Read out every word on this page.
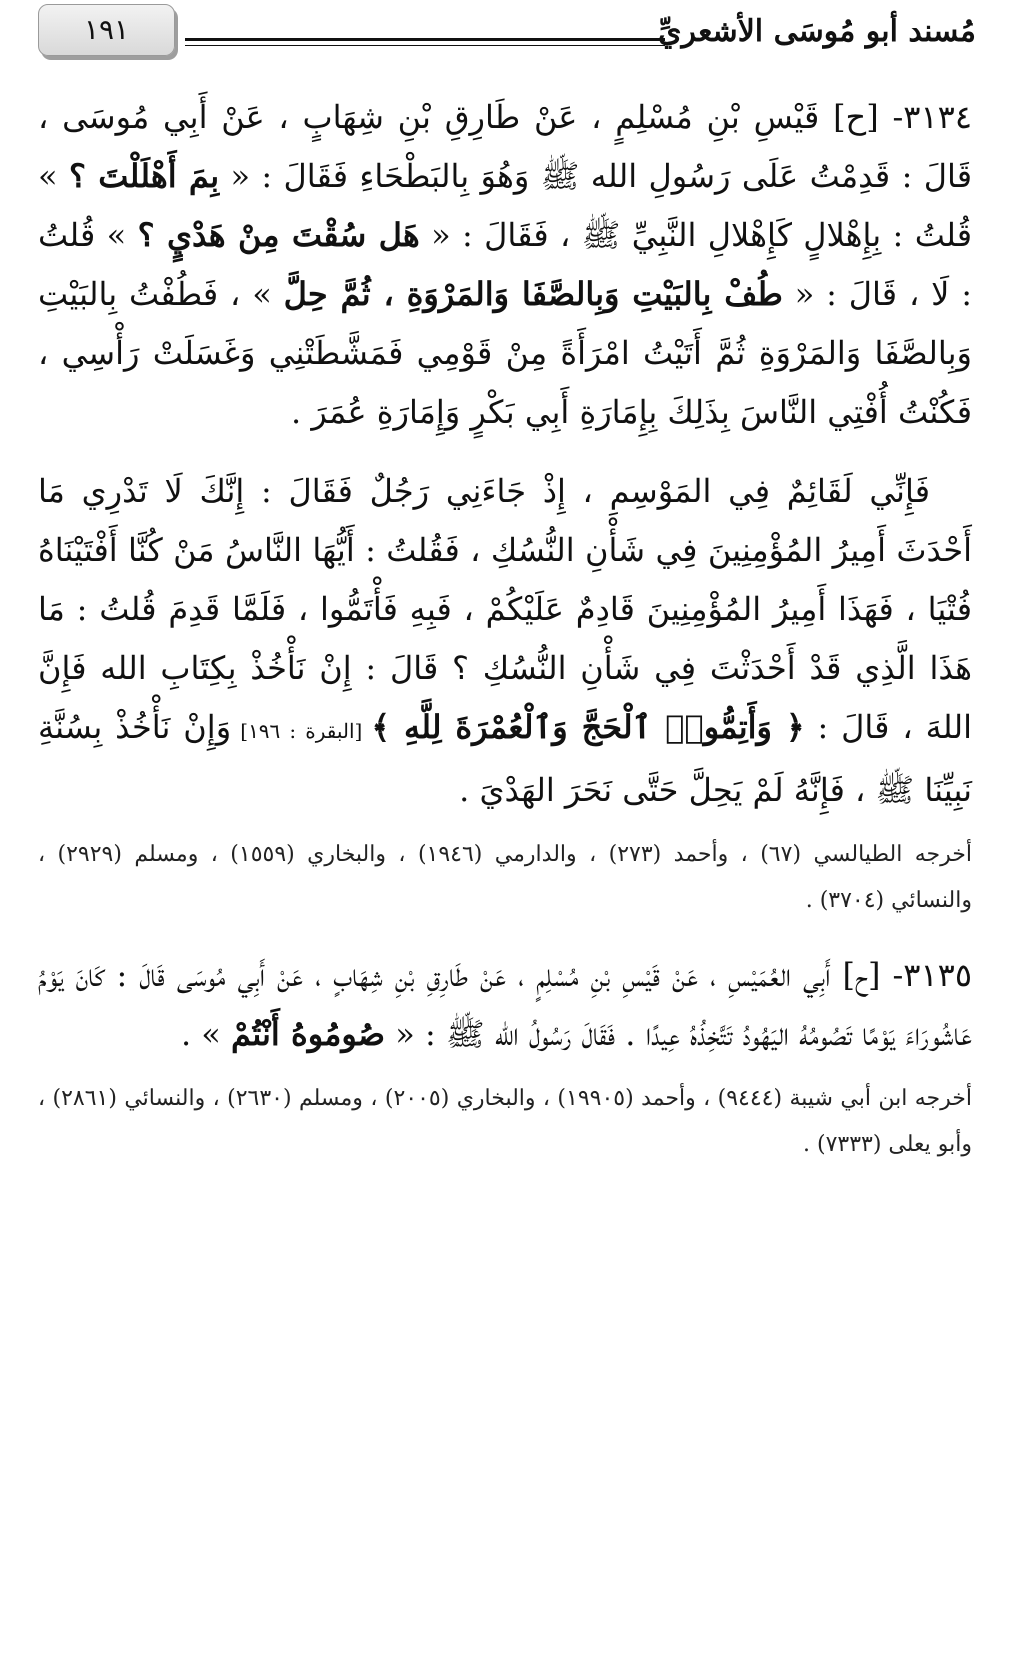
مُسند أبو مُوسَى الأشعريِّ
١٩١

٣١٣٤- [ح] قَيْسِ بْنِ مُسْلِمٍ ، عَنْ طَارِقِ بْنِ شِهَابٍ ، عَنْ أَبِي مُوسَى ، قَالَ : قَدِمْتُ عَلَى رَسُولِ الله ﷺ وَهُوَ بِالبَطْحَاءِ فَقَالَ : « بِمَ أَهْلَلْتَ ؟ » قُلتُ : بِإِهْلالٍ كَإِهْلالِ النَّبِيِّ ﷺ ، فَقَالَ : « هَل سُقْتَ مِنْ هَدْيٍ ؟ » قُلتُ : لَا ، قَالَ : « طُفْ بِالبَيْتِ وَبِالصَّفَا وَالمَرْوَةِ ، ثُمَّ حِلَّ » ، فَطُفْتُ بِالبَيْتِ وَبِالصَّفَا وَالمَرْوَةِ ثُمَّ أَتَيْتُ امْرَأَةً مِنْ قَوْمِي فَمَشَّطَتْنِي وَغَسَلَتْ رَأْسِي ، فَكُنْتُ أُفْتِي النَّاسَ بِذَلِكَ بِإِمَارَةِ أَبِي بَكْرٍ وَإِمَارَةِ عُمَرَ .

فَإِنِّي لَقَائِمٌ فِي المَوْسِمِ ، إِذْ جَاءَنِي رَجُلٌ فَقَالَ : إِنَّكَ لَا تَدْرِي مَا أَحْدَثَ أَمِيرُ المُؤْمِنِينَ فِي شَأْنِ النُّسُكِ ، فَقُلتُ : أَيُّهَا النَّاسُ مَنْ كُنَّا أَفْتَيْنَاهُ فُتْيَا ، فَهَذَا أَمِيرُ المُؤْمِنِينَ قَادِمٌ عَلَيْكُمْ ، فَبِهِ فَأْتَمُّوا ، فَلَمَّا قَدِمَ قُلتُ : مَا هَذَا الَّذِي قَدْ أَحْدَثْتَ فِي شَأْنِ النُّسُكِ ؟ قَالَ : إِنْ نَأْخُذْ بِكِتَابِ الله فَإِنَّ اللهَ ، قَالَ : ﴿ وَأَتِمُّوا۟ ٱلْحَجَّ وَٱلْعُمْرَةَ لِلَّهِ ﴾ [البقرة : ١٩٦] وَإِنْ نَأْخُذْ بِسُنَّةِ نَبِيِّنَا ﷺ ، فَإِنَّهُ لَمْ يَحِلَّ حَتَّى نَحَرَ الهَدْيَ .

أخرجه الطيالسي (٦٧) ، وأحمد (٢٧٣) ، والدارمي (١٩٤٦) ، والبخاري (١٥٥٩) ، ومسلم (٢٩٢٩) ، والنسائي (٣٧٠٤) .

٣١٣٥- [ح] أَبِي العُمَيْسِ ، عَنْ قَيْسِ بْنِ مُسْلِمٍ ، عَنْ طَارِقِ بْنِ شِهَابٍ ، عَنْ أَبِي مُوسَى قَالَ : كَانَ يَوْمُ عَاشُورَاءَ يَوْمًا تَصُومُهُ اليَهُودُ تَتَّخِذُهُ عِيدًا . فَقَالَ رَسُولُ الله ﷺ : « صُومُوهُ أَنْتُمْ » .

أخرجه ابن أبي شيبة (٩٤٤٤) ، وأحمد (١٩٩٠٥) ، والبخاري (٢٠٠٥) ، ومسلم (٢٦٣٠) ، والنسائي (٢٨٦١) ، وأبو يعلى (٧٣٣٣) .
